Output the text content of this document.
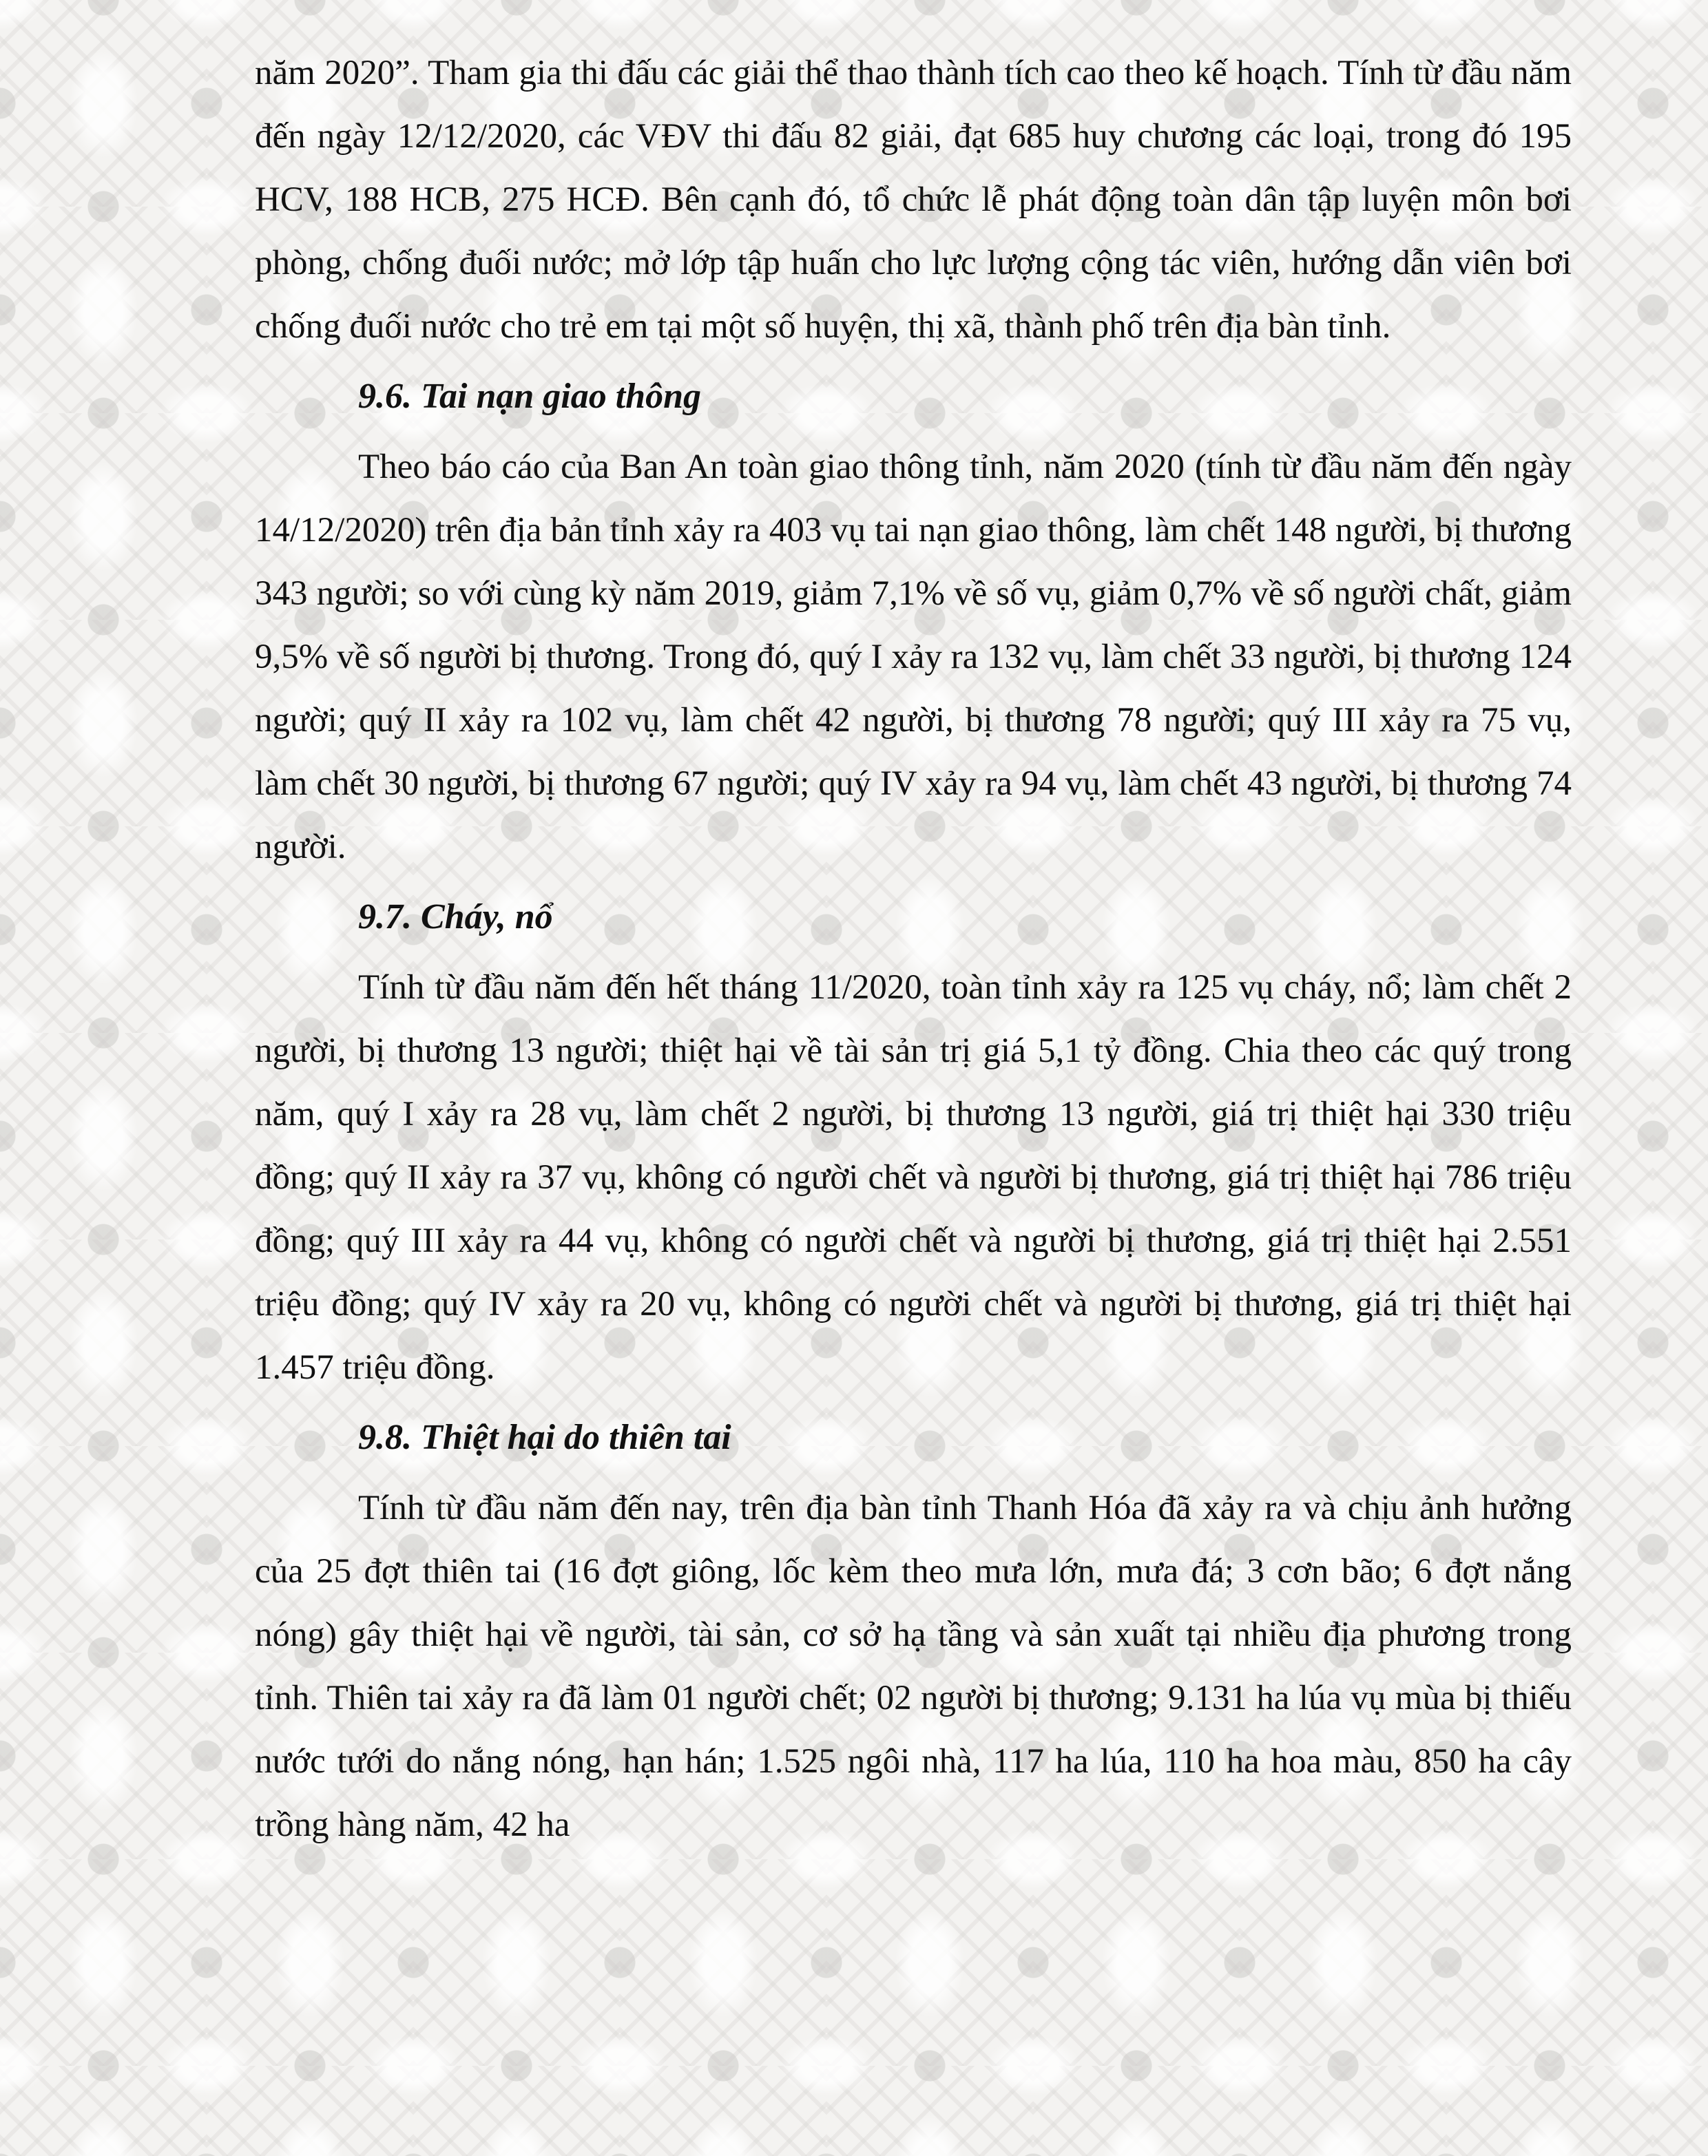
năm 2020”. Tham gia thi đấu các giải thể thao thành tích cao theo kế hoạch. Tính từ đầu năm đến ngày 12/12/2020, các VĐV thi đấu 82 giải, đạt 685 huy chương các loại, trong đó 195 HCV, 188 HCB, 275 HCĐ. Bên cạnh đó, tổ chức lễ phát động toàn dân tập luyện môn bơi phòng, chống đuối nước; mở lớp tập huấn cho lực lượng cộng tác viên, hướng dẫn viên bơi chống đuối nước cho trẻ em tại một số huyện, thị xã, thành phố trên địa bàn tỉnh.

9.6. Tai nạn giao thông

Theo báo cáo của Ban An toàn giao thông tỉnh, năm 2020 (tính từ đầu năm đến ngày 14/12/2020) trên địa bản tỉnh xảy ra 403 vụ tai nạn giao thông, làm chết 148 người, bị thương 343 người; so với cùng kỳ năm 2019, giảm 7,1% về số vụ, giảm 0,7% về số người chất, giảm 9,5% về số người bị thương. Trong đó, quý I xảy ra 132 vụ, làm chết 33 người, bị thương 124 người; quý II xảy ra 102 vụ, làm chết 42 người, bị thương 78 người; quý III xảy ra 75 vụ, làm chết 30 người, bị thương 67 người; quý IV xảy ra 94 vụ, làm chết 43 người, bị thương 74 người.

9.7. Cháy, nổ

Tính từ đầu năm đến hết tháng 11/2020, toàn tỉnh xảy ra 125 vụ cháy, nổ; làm chết 2 người, bị thương 13 người; thiệt hại về tài sản trị giá 5,1 tỷ đồng. Chia theo các quý trong năm, quý I xảy ra 28 vụ, làm chết 2 người, bị thương 13 người, giá trị thiệt hại 330 triệu đồng; quý II xảy ra 37 vụ, không có người chết và người bị thương, giá trị thiệt hại 786 triệu đồng; quý III xảy ra 44 vụ, không có người chết và người bị thương, giá trị thiệt hại 2.551 triệu đồng; quý IV xảy ra 20 vụ, không có người chết và người bị thương, giá trị thiệt hại 1.457 triệu đồng.

9.8. Thiệt hại do thiên tai

Tính từ đầu năm đến nay, trên địa bàn tỉnh Thanh Hóa đã xảy ra và chịu ảnh hưởng của 25 đợt thiên tai (16 đợt giông, lốc kèm theo mưa lớn, mưa đá; 3 cơn bão; 6 đợt nắng nóng) gây thiệt hại về người, tài sản, cơ sở hạ tầng và sản xuất tại nhiều địa phương trong tỉnh. Thiên tai xảy ra đã làm 01 người chết; 02 người bị thương; 9.131 ha lúa vụ mùa bị thiếu nước tưới do nắng nóng, hạn hán; 1.525 ngôi nhà, 117 ha lúa, 110 ha hoa màu, 850 ha cây trồng hàng năm, 42 ha
